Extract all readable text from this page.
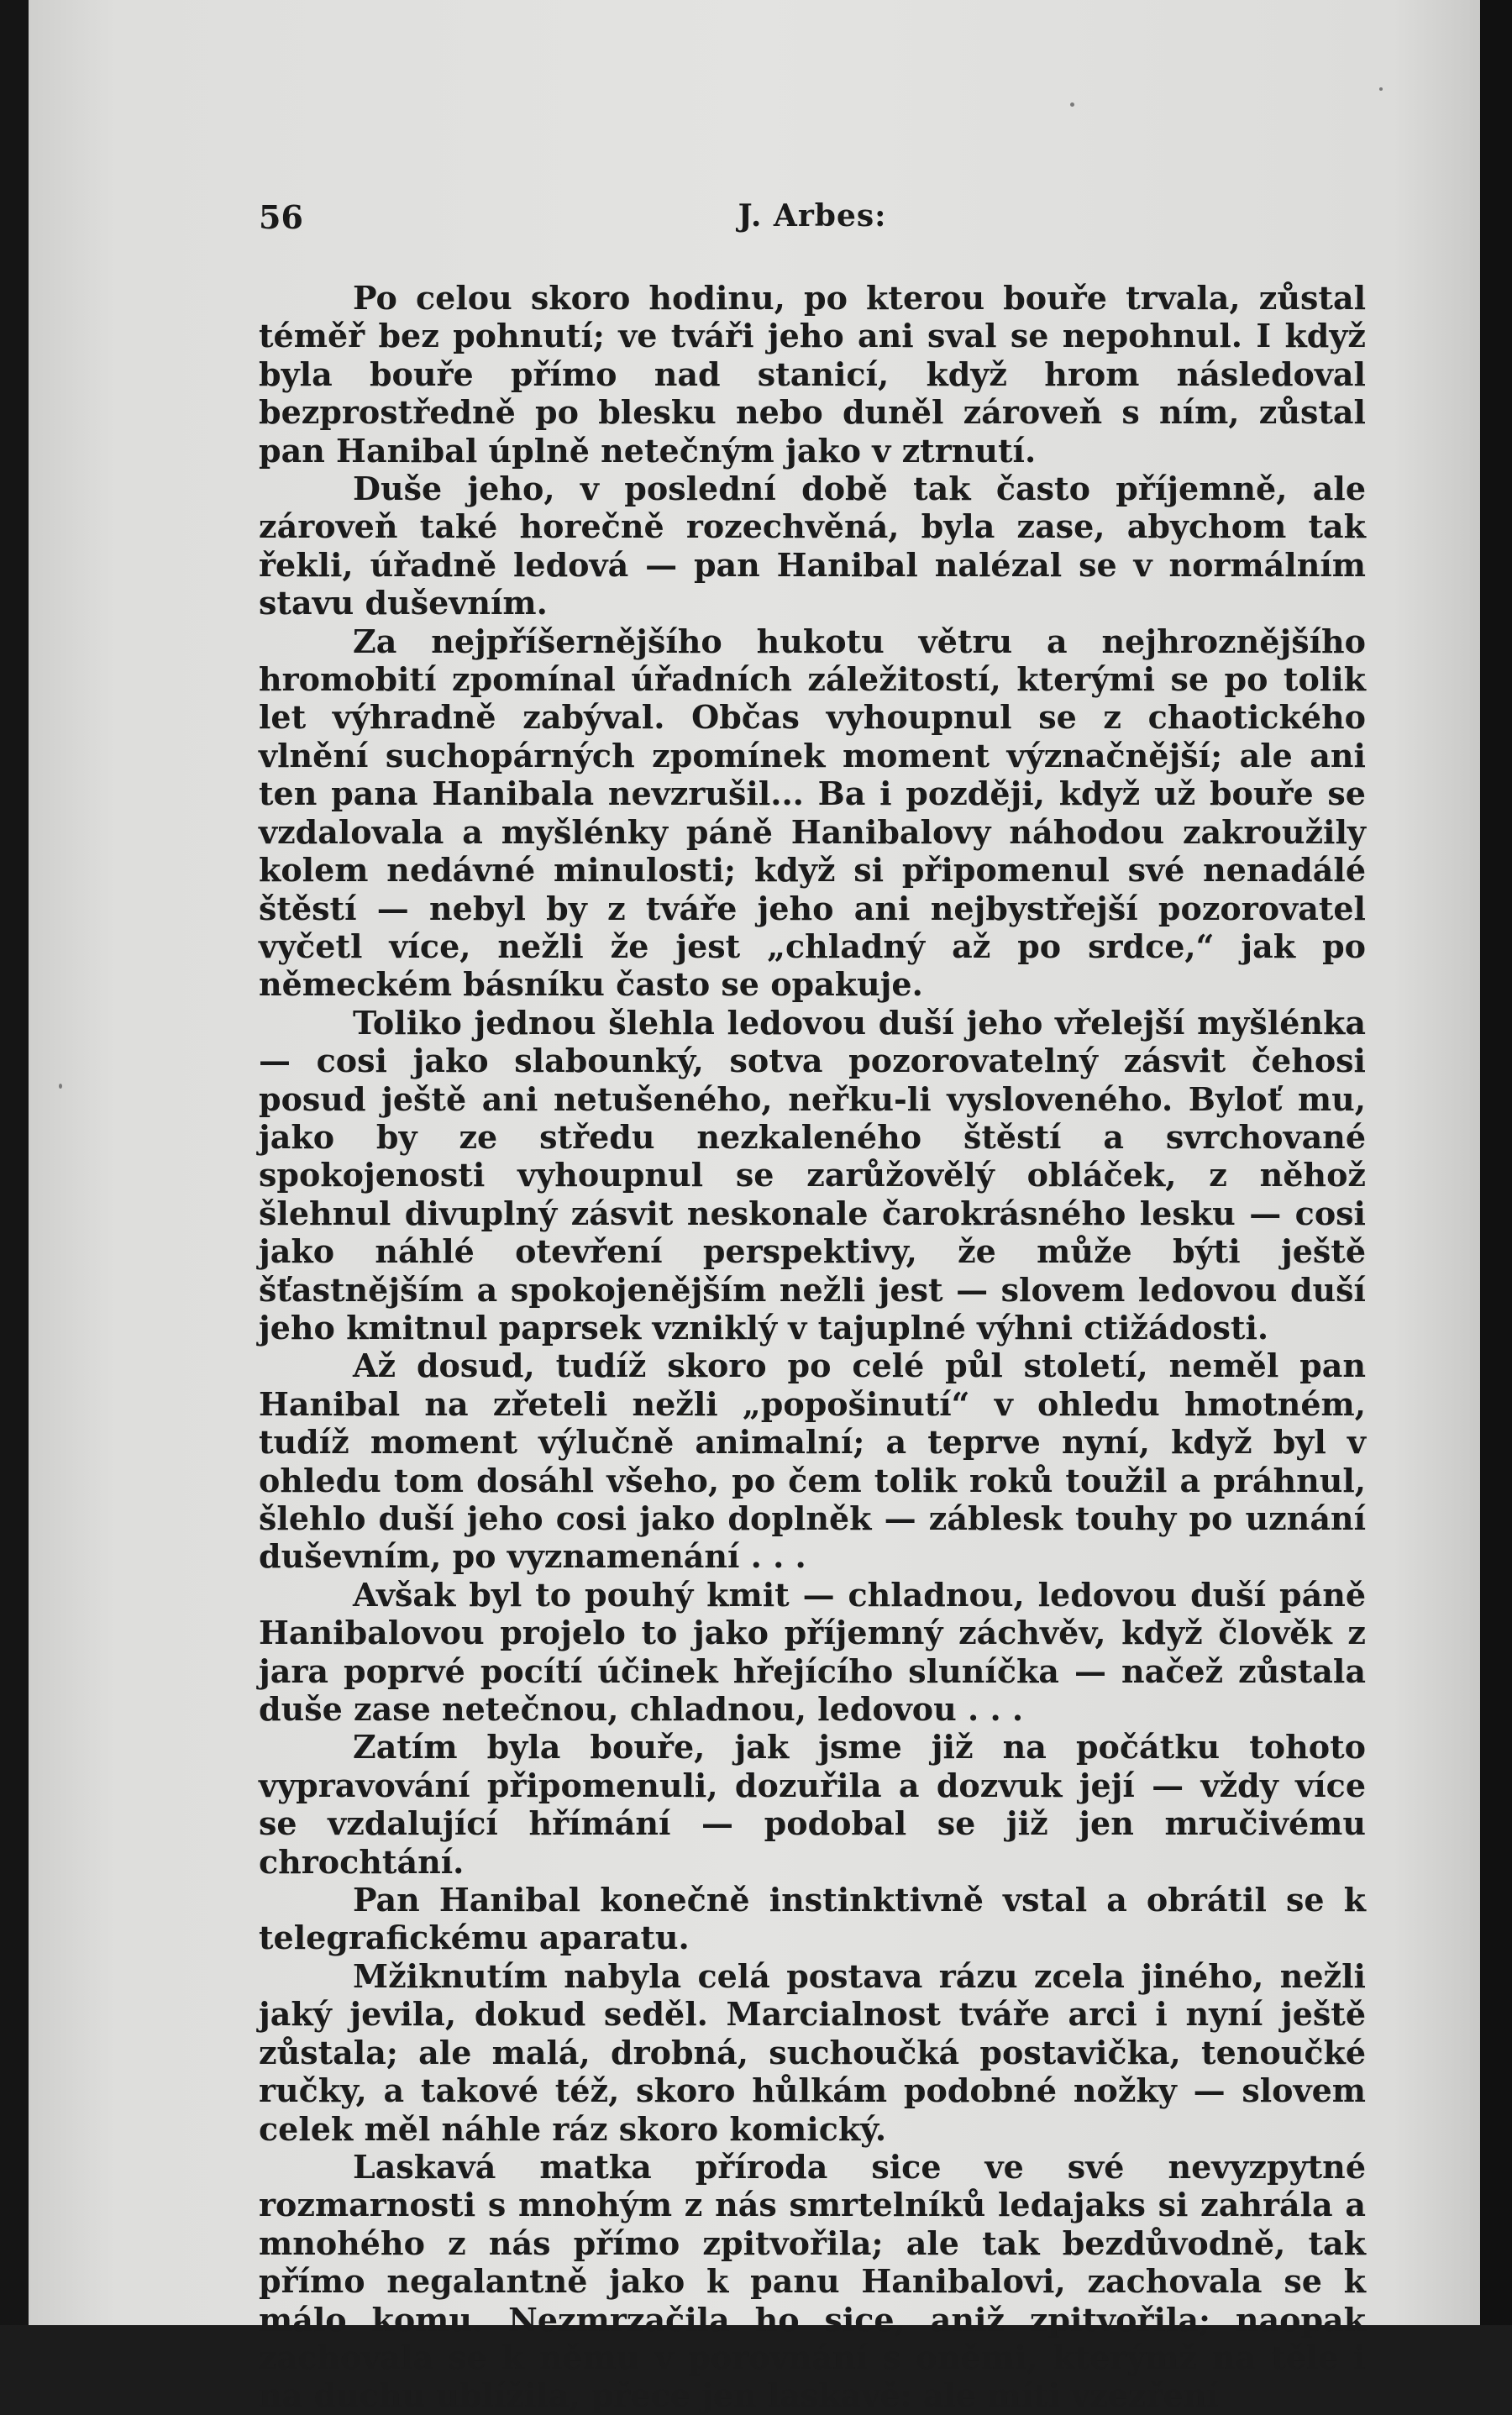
J. Arbes:
56

Po celou skoro hodinu, po kterou bouře trvala, zůstal téměř bez pohnutí; ve tváři jeho ani sval se nepohnul. I když byla bouře přímo nad stanicí, když hrom následoval bezprostředně po blesku nebo duněl zároveň s ním, zůstal pan Hanibal úplně netečným jako v ztrnutí.

Duše jeho, v poslední době tak často příjemně, ale zároveň také horečně rozechvěná, byla zase, abychom tak řekli, úřadně ledová — pan Hanibal nalézal se v normálním stavu duševním.

Za nejpříšernějšího hukotu větru a nejhroznějšího hromobití zpomínal úřadních záležitostí, kterými se po tolik let výhradně zabýval. Občas vyhoupnul se z chaotického vlnění suchopárných zpomínek moment význačnější; ale ani ten pana Hanibala nevzrušil... Ba i později, když už bouře se vzdalovala a myšlénky páně Hanibalovy náhodou zakroužily kolem nedávné minulosti; když si připomenul své nenadálé štěstí — nebyl by z tváře jeho ani nejbystřejší pozorovatel vyčetl více, nežli že jest „chladný až po srdce,“ jak po německém básníku často se opakuje.

Toliko jednou šlehla ledovou duší jeho vřelejší myšlénka — cosi jako slabounký, sotva pozorovatelný zásvit čehosi posud ještě ani netušeného, neřku-li vysloveného. Byloť mu, jako by ze středu nezkaleného štěstí a svrchované spokojenosti vyhoupnul se zarůžovělý obláček, z něhož šlehnul divuplný zásvit neskonale čarokrásného lesku — cosi jako náhlé otevření perspektivy, že může býti ještě šťastnějším a spokojenějším nežli jest — slovem ledovou duší jeho kmitnul paprsek vzniklý v tajuplné výhni ctižádosti.

Až dosud, tudíž skoro po celé půl století, neměl pan Hanibal na zřeteli nežli „popošinutí“ v ohledu hmotném, tudíž moment výlučně animalní; a teprve nyní, když byl v ohledu tom dosáhl všeho, po čem tolik roků toužil a práhnul, šlehlo duší jeho cosi jako doplněk — záblesk touhy po uznání duševním, po vyznamenání . . .

Avšak byl to pouhý kmit — chladnou, ledovou duší páně Hanibalovou projelo to jako příjemný záchvěv, když člověk z jara poprvé pocítí účinek hřejícího sluníčka — načež zůstala duše zase netečnou, chladnou, ledovou . . .

Zatím byla bouře, jak jsme již na počátku tohoto vypravování připomenuli, dozuřila a dozvuk její — vždy více se vzdalující hřímání — podobal se již jen mručivému chrochtání.

Pan Hanibal konečně instinktivně vstal a obrátil se k telegrafickému aparatu.

Mžiknutím nabyla celá postava rázu zcela jiného, nežli jaký jevila, dokud seděl. Marcialnost tváře arci i nyní ještě zůstala; ale malá, drobná, suchoučká postavička, tenoučké ručky, a takové též, skoro hůlkám podobné nožky — slovem celek měl náhle ráz skoro komický.

Laskavá matka příroda sice ve své nevyzpytné rozmarnosti s mnohým z nás smrtelníků ledajaks si zahrála a mnohého z nás přímo zpitvořila; ale tak bezdůvodně, tak přímo negalantně jako k panu Hanibalovi, zachovala se k málo komu. Nezmrzačila ho sice, aniž zpitvořila; naopak zachovala se k němu v porovnání s oněmi, kterýmž na těle i na duchu ublížila, přece jen laskavě: ale míti vzezření
